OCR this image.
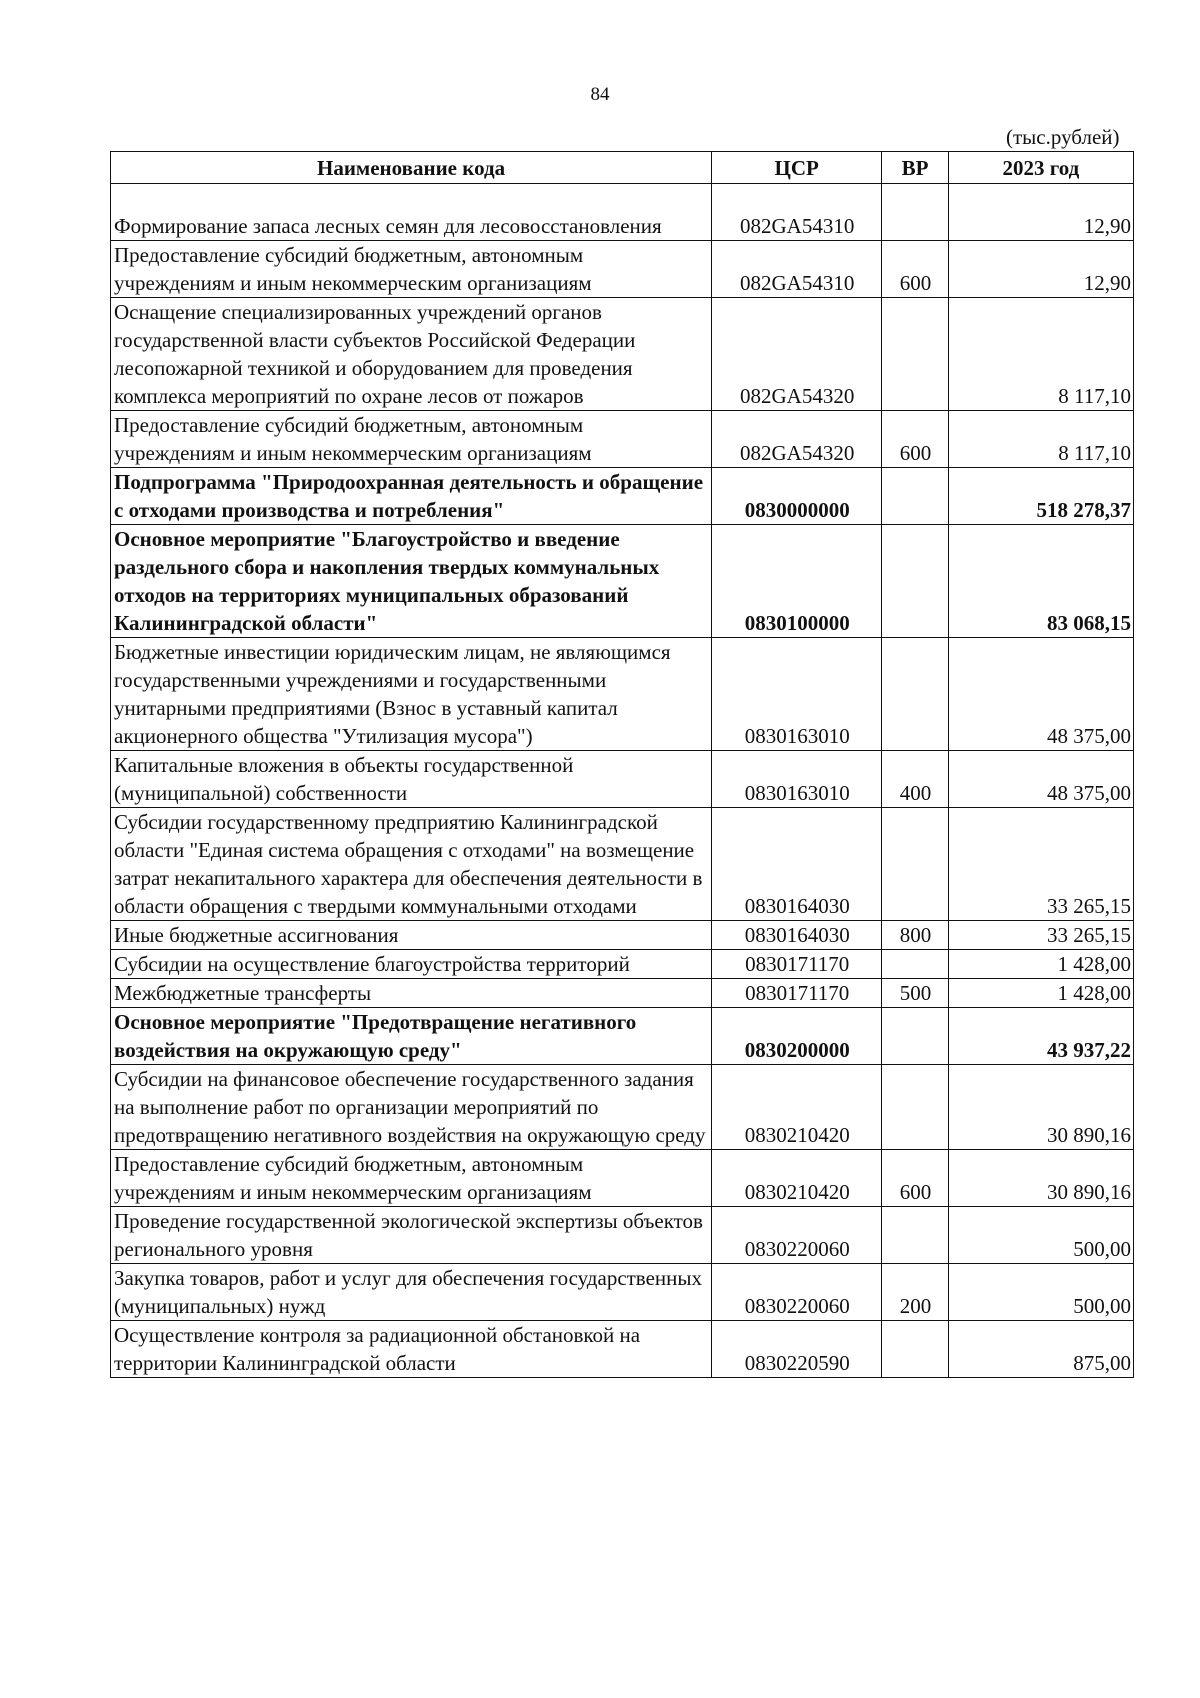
84
(тыс.рублей)
Наименование кода	ЦСР	ВР	2023 год
Формирование запаса лесных семян для лесовосстановления	082GA54310		12,90
Предоставление субсидий бюджетным, автономным учреждениям и иным некоммерческим организациям	082GA54310	600	12,90
Оснащение специализированных учреждений органов государственной власти субъектов Российской Федерации лесопожарной техникой и оборудованием для проведения комплекса мероприятий по охране лесов от пожаров	082GA54320		8 117,10
Предоставление субсидий бюджетным, автономным учреждениям и иным некоммерческим организациям	082GA54320	600	8 117,10
Подпрограмма "Природоохранная деятельность и обращение с отходами производства и потребления"	0830000000		518 278,37
Основное мероприятие "Благоустройство и введение раздельного сбора и накопления твердых коммунальных отходов на территориях муниципальных образований Калининградской области"	0830100000		83 068,15
Бюджетные инвестиции юридическим лицам, не являющимся государственными учреждениями и государственными унитарными предприятиями (Взнос в уставный капитал акционерного общества "Утилизация мусора")	0830163010		48 375,00
Капитальные вложения в объекты государственной (муниципальной) собственности	0830163010	400	48 375,00
Субсидии государственному предприятию Калининградской области "Единая система обращения с отходами" на возмещение затрат некапитального характера для обеспечения деятельности в области обращения с твердыми коммунальными отходами	0830164030		33 265,15
Иные бюджетные ассигнования	0830164030	800	33 265,15
Субсидии на осуществление благоустройства территорий	0830171170		1 428,00
Межбюджетные трансферты	0830171170	500	1 428,00
Основное мероприятие "Предотвращение негативного воздействия на окружающую среду"	0830200000		43 937,22
Субсидии на финансовое обеспечение государственного задания на выполнение работ по организации мероприятий по предотвращению негативного воздействия на окружающую среду	0830210420		30 890,16
Предоставление субсидий бюджетным, автономным учреждениям и иным некоммерческим организациям	0830210420	600	30 890,16
Проведение государственной экологической экспертизы объектов регионального уровня	0830220060		500,00
Закупка товаров, работ и услуг для обеспечения государственных (муниципальных) нужд	0830220060	200	500,00
Осуществление контроля за радиационной обстановкой на территории Калининградской области	0830220590		875,00
